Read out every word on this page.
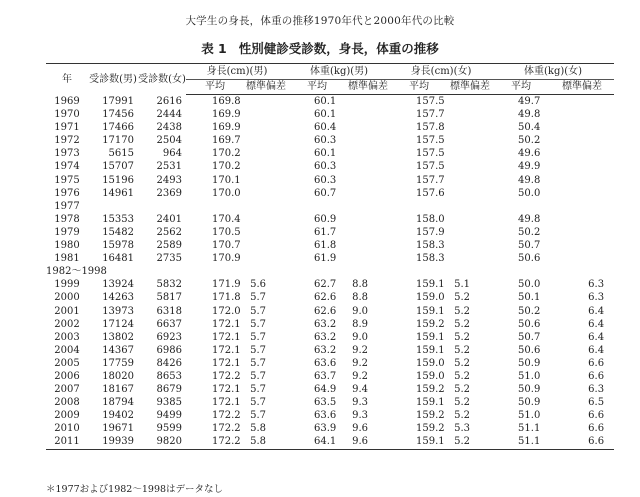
大学生の身長，体重の推移1970年代と2000年代の比較
表 1 性別健診受診数，身長，体重の推移
年	受診数(男)	受診数(女)	身長(cm)(男)		体重(kg)(男)		身長(cm)(女)		体重(kg)(女)	
			平均	標準偏差	平均	標準偏差	平均	標準偏差	平均	標準偏差
1969	17991	2616	169.8		60.1		157.5		49.7	
1970	17456	2444	169.9		60.1		157.7		49.8	
1971	17466	2438	169.9		60.4		157.8		50.4	
1972	17170	2504	169.7		60.3		157.5		50.2	
1973	5615	964	170.2		60.1		157.5		49.6	
1974	15707	2531	170.2		60.3		157.5		49.9	
1975	15196	2493	170.1		60.3		157.7		49.8	
1976	14961	2369	170.0		60.7		157.6		50.0	
1977										
1978	15353	2401	170.4		60.9		158.0		49.8	
1979	15482	2562	170.5		61.7		157.9		50.2	
1980	15978	2589	170.7		61.8		158.3		50.7	
1981	16481	2735	170.9		61.9		158.3		50.6	
1982～1998										
1999	13924	5832	171.9	5.6	62.7	8.8	159.1	5.1	50.0	6.3
2000	14263	5817	171.8	5.7	62.6	8.8	159.0	5.2	50.1	6.3
2001	13973	6318	172.0	5.7	62.6	9.0	159.1	5.2	50.2	6.4
2002	17124	6637	172.1	5.7	63.2	8.9	159.2	5.2	50.6	6.4
2003	13802	6923	172.1	5.7	63.2	9.0	159.1	5.2	50.7	6.4
2004	14367	6986	172.1	5.7	63.2	9.2	159.1	5.2	50.6	6.4
2005	17759	8426	172.1	5.7	63.6	9.2	159.0	5.2	50.9	6.6
2006	18020	8653	172.2	5.7	63.7	9.2	159.0	5.2	51.0	6.6
2007	18167	8679	172.1	5.7	64.9	9.4	159.2	5.2	50.9	6.3
2008	18794	9385	172.1	5.7	63.5	9.3	159.1	5.2	50.9	6.5
2009	19402	9499	172.2	5.7	63.6	9.3	159.2	5.2	51.0	6.6
2010	19671	9599	172.2	5.8	63.9	9.6	159.2	5.3	51.1	6.6
2011	19939	9820	172.2	5.8	64.1	9.6	159.1	5.2	51.1	6.6
＊1977および1982～1998はデータなし
